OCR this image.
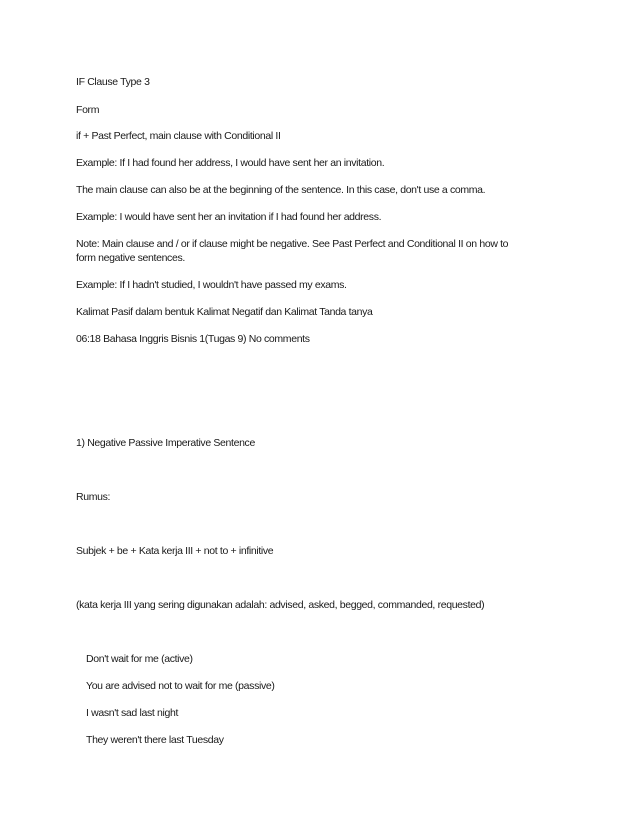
IF Clause Type 3
Form
if + Past Perfect, main clause with Conditional II
Example: If I had found her address, I would have sent her an invitation.
The main clause can also be at the beginning of the sentence. In this case, don't use a comma.
Example: I would have sent her an invitation if I had found her address.
Note: Main clause and / or if clause might be negative. See Past Perfect and Conditional II on how to
form negative sentences.
Example: If I hadn't studied, I wouldn't have passed my exams.
Kalimat Pasif dalam bentuk Kalimat Negatif dan Kalimat Tanda tanya
06:18 Bahasa Inggris Bisnis 1(Tugas 9) No comments
1) Negative Passive Imperative Sentence
Rumus:
Subjek + be + Kata kerja III + not to + infinitive
(kata kerja III yang sering digunakan adalah: advised, asked, begged, commanded, requested)
Don't wait for me (active)
You are advised not to wait for me (passive)
I wasn't sad last night
They weren't there last Tuesday
